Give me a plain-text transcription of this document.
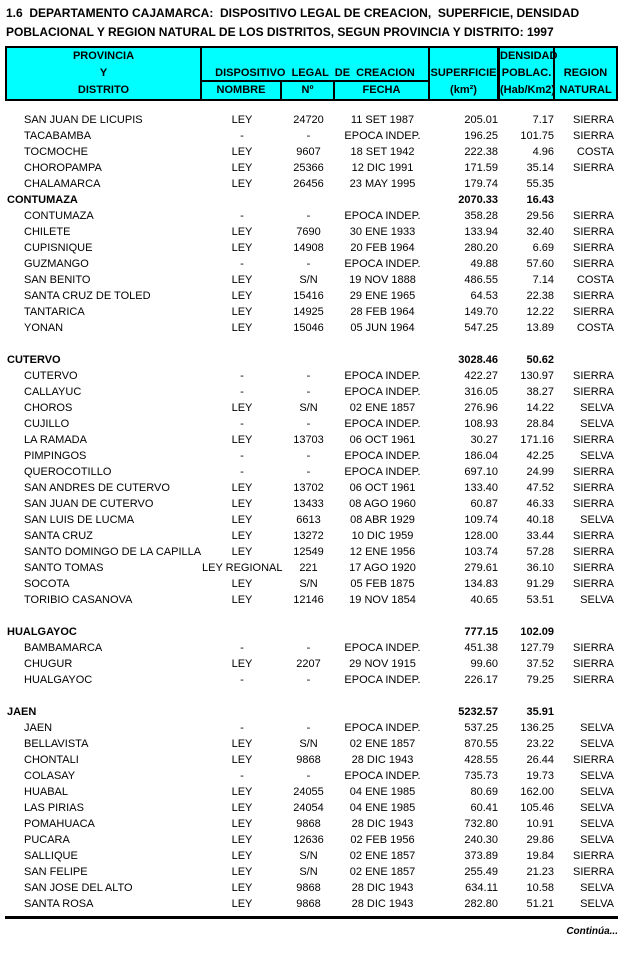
1.6  DEPARTAMENTO CAJAMARCA:  DISPOSITIVO LEGAL DE CREACION,  SUPERFICIE, DENSIDAD
POBLACIONAL Y REGION NATURAL DE LOS DISTRITOS, SEGUN PROVINCIA Y DISTRITO: 1997
PROVINCIA
Y
DISTRITO
DISPOSITIVO  LEGAL  DE  CREACION
NOMBRE	Nº	FECHA

SUPERFICIE
(km²)
DENSIDAD
POBLAC.
(Hab/Km2)

REGION
NATURAL
SAN JUAN DE LICUPIS	LEY	24720	11 SET 1987	205.01	7.17	SIERRA
TACABAMBA	-	-	EPOCA INDEP.	196.25	101.75	SIERRA
TOCMOCHE	LEY	9607	18 SET 1942	222.38	4.96	COSTA
CHOROPAMPA	LEY	25366	12 DIC 1991	171.59	35.14	SIERRA
CHALAMARCA	LEY	26456	23 MAY 1995	179.74	55.35
CONTUMAZA	2070.33	16.43
CONTUMAZA	-	-	EPOCA INDEP.	358.28	29.56	SIERRA
CHILETE	LEY	7690	30 ENE 1933	133.94	32.40	SIERRA
CUPISNIQUE	LEY	14908	20 FEB 1964	280.20	6.69	SIERRA
GUZMANGO	-	-	EPOCA INDEP.	49.88	57.60	SIERRA
SAN BENITO	LEY	S/N	19 NOV 1888	486.55	7.14	COSTA
SANTA CRUZ DE TOLED	LEY	15416	29 ENE 1965	64.53	22.38	SIERRA
TANTARICA	LEY	14925	28 FEB 1964	149.70	12.22	SIERRA
YONAN	LEY	15046	05 JUN 1964	547.25	13.89	COSTA
CUTERVO	3028.46	50.62
CUTERVO	-	-	EPOCA INDEP.	422.27	130.97	SIERRA
CALLAYUC	-	-	EPOCA INDEP.	316.05	38.27	SIERRA
CHOROS	LEY	S/N	02 ENE 1857	276.96	14.22	SELVA
CUJILLO	-	-	EPOCA INDEP.	108.93	28.84	SELVA
LA RAMADA	LEY	13703	06 OCT 1961	30.27	171.16	SIERRA
PIMPINGOS	-	-	EPOCA INDEP.	186.04	42.25	SELVA
QUEROCOTILLO	-	-	EPOCA INDEP.	697.10	24.99	SIERRA
SAN ANDRES DE CUTERVO	LEY	13702	06 OCT 1961	133.40	47.52	SIERRA
SAN JUAN DE CUTERVO	LEY	13433	08 AGO 1960	60.87	46.33	SIERRA
SAN LUIS DE LUCMA	LEY	6613	08 ABR 1929	109.74	40.18	SELVA
SANTA CRUZ	LEY	13272	10 DIC 1959	128.00	33.44	SIERRA
SANTO DOMINGO DE LA CAPILLA	LEY	12549	12 ENE 1956	103.74	57.28	SIERRA
SANTO TOMAS	LEY REGIONAL	221	17 AGO 1920	279.61	36.10	SIERRA
SOCOTA	LEY	S/N	05 FEB 1875	134.83	91.29	SIERRA
TORIBIO CASANOVA	LEY	12146	19 NOV 1854	40.65	53.51	SELVA
HUALGAYOC	777.15	102.09
BAMBAMARCA	-	-	EPOCA INDEP.	451.38	127.79	SIERRA
CHUGUR	LEY	2207	29 NOV 1915	99.60	37.52	SIERRA
HUALGAYOC	-	-	EPOCA INDEP.	226.17	79.25	SIERRA
JAEN	5232.57	35.91
JAEN	-	-	EPOCA INDEP.	537.25	136.25	SELVA
BELLAVISTA	LEY	S/N	02 ENE 1857	870.55	23.22	SELVA
CHONTALI	LEY	9868	28 DIC 1943	428.55	26.44	SIERRA
COLASAY	-	-	EPOCA INDEP.	735.73	19.73	SELVA
HUABAL	LEY	24055	04 ENE 1985	80.69	162.00	SELVA
LAS PIRIAS	LEY	24054	04 ENE 1985	60.41	105.46	SELVA
POMAHUACA	LEY	9868	28 DIC 1943	732.80	10.91	SELVA
PUCARA	LEY	12636	02 FEB 1956	240.30	29.86	SELVA
SALLIQUE	LEY	S/N	02 ENE 1857	373.89	19.84	SIERRA
SAN FELIPE	LEY	S/N	02 ENE 1857	255.49	21.23	SIERRA
SAN JOSE DEL ALTO	LEY	9868	28 DIC 1943	634.11	10.58	SELVA
SANTA ROSA	LEY	9868	28 DIC 1943	282.80	51.21	SELVA
Continúa...
